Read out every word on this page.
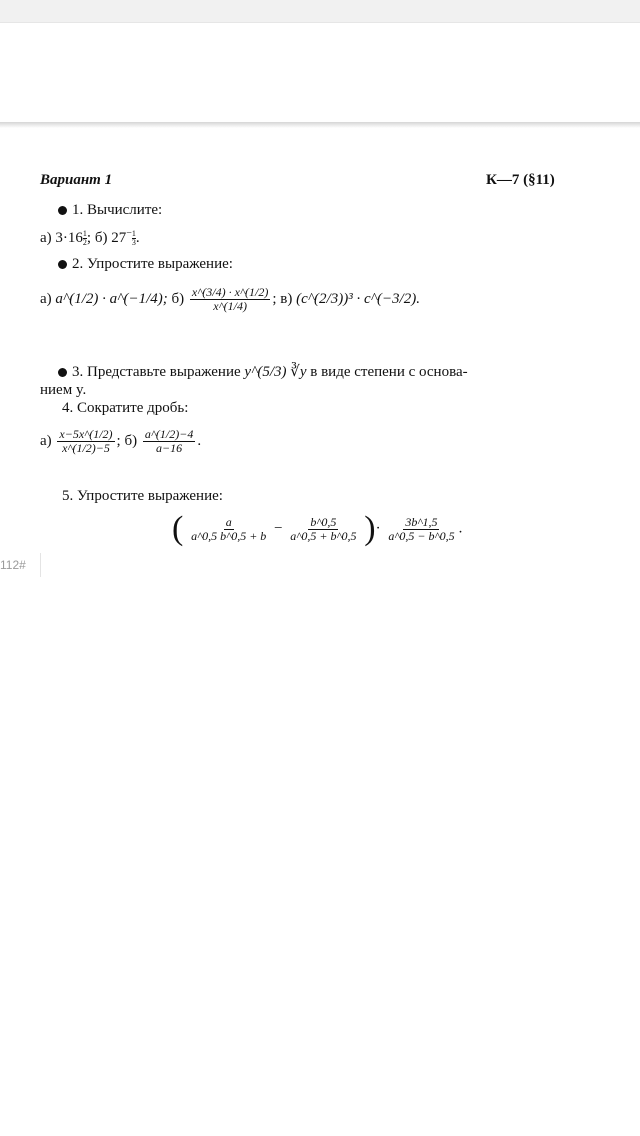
Вариант 1	К—7 (§11)
1. Вычислите:
а) $3\cdot 16 \frac{1}{2}$ ; б) $27^- \frac{1}{3}$ .
2. Упростите выражение:
а) a^(1/2) · a^(−1/4); $б) \frac{x\^{}(3/4) \cdot x\^{}(1/2)}{x\^{}(1/4)}$ ; в) (c^(2/3))³ · c^(−3/2).
3. Представьте выражение y^(5/3) ∛y в виде степени с основа-
нием y.
4. Сократите дробь:
$а) \frac{x-5x\^{}(1/2)}{x\^{}(1/2)-5}$ ; $б) \frac{a\^{}(1/2)-4}{a-16}$ .
5. Упростите выражение:
( $\frac{a}{a\^{}0,5 b\^{}0,5 + b} - \frac{b\^{}0,5}{a\^{}0,5 + b\^{}0,5}$ )· $\frac{3b\^{}1,5}{a\^{}0,5 - b\^{}0,5}$ .
112#
